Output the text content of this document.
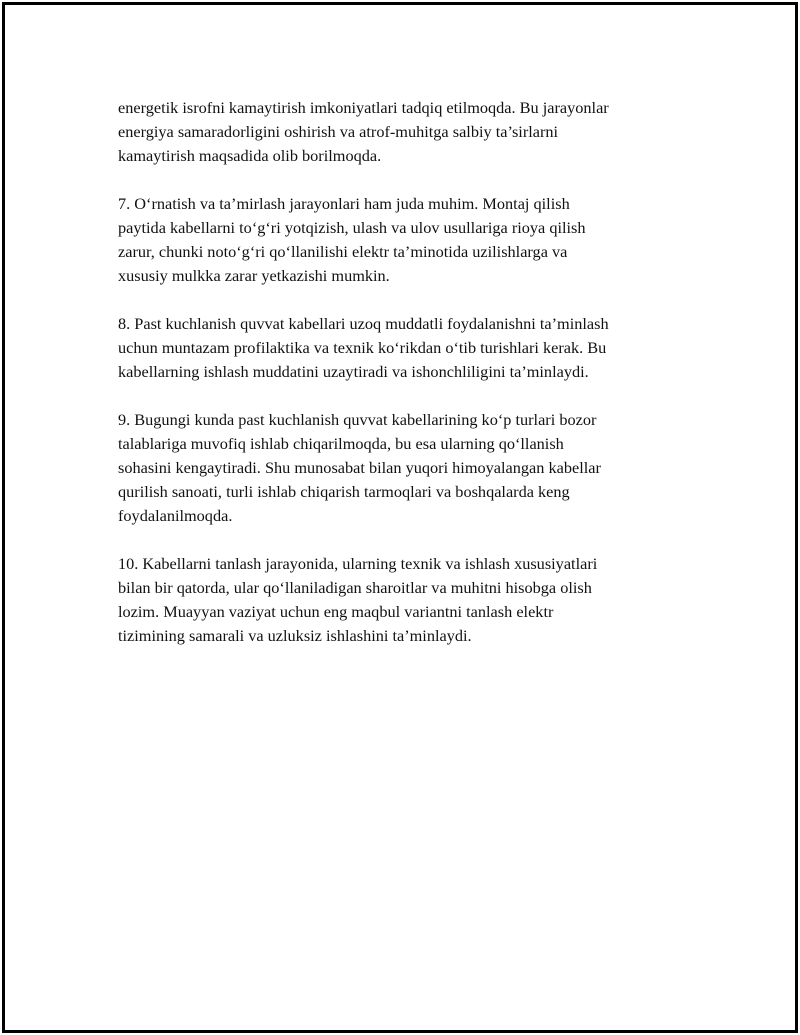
energetik isrofni kamaytirish imkoniyatlari tadqiq etilmoqda. Bu jarayonlar
energiya samaradorligini oshirish va atrof-muhitga salbiy ta’sirlarni
kamaytirish maqsadida olib borilmoqda.

7. O‘rnatish va ta’mirlash jarayonlari ham juda muhim. Montaj qilish
paytida kabellarni to‘g‘ri yotqizish, ulash va ulov usullariga rioya qilish
zarur, chunki noto‘g‘ri qo‘llanilishi elektr ta’minotida uzilishlarga va
xususiy mulkka zarar yetkazishi mumkin.

8. Past kuchlanish quvvat kabellari uzoq muddatli foydalanishni ta’minlash
uchun muntazam profilaktika va texnik ko‘rikdan o‘tib turishlari kerak. Bu
kabellarning ishlash muddatini uzaytiradi va ishonchliligini ta’minlaydi.

9. Bugungi kunda past kuchlanish quvvat kabellarining ko‘p turlari bozor
talablariga muvofiq ishlab chiqarilmoqda, bu esa ularning qo‘llanish
sohasini kengaytiradi. Shu munosabat bilan yuqori himoyalangan kabellar
qurilish sanoati, turli ishlab chiqarish tarmoqlari va boshqalarda keng
foydalanilmoqda.

10. Kabellarni tanlash jarayonida, ularning texnik va ishlash xususiyatlari
bilan bir qatorda, ular qo‘llaniladigan sharoitlar va muhitni hisobga olish
lozim. Muayyan vaziyat uchun eng maqbul variantni tanlash elektr
tizimining samarali va uzluksiz ishlashini ta’minlaydi.
